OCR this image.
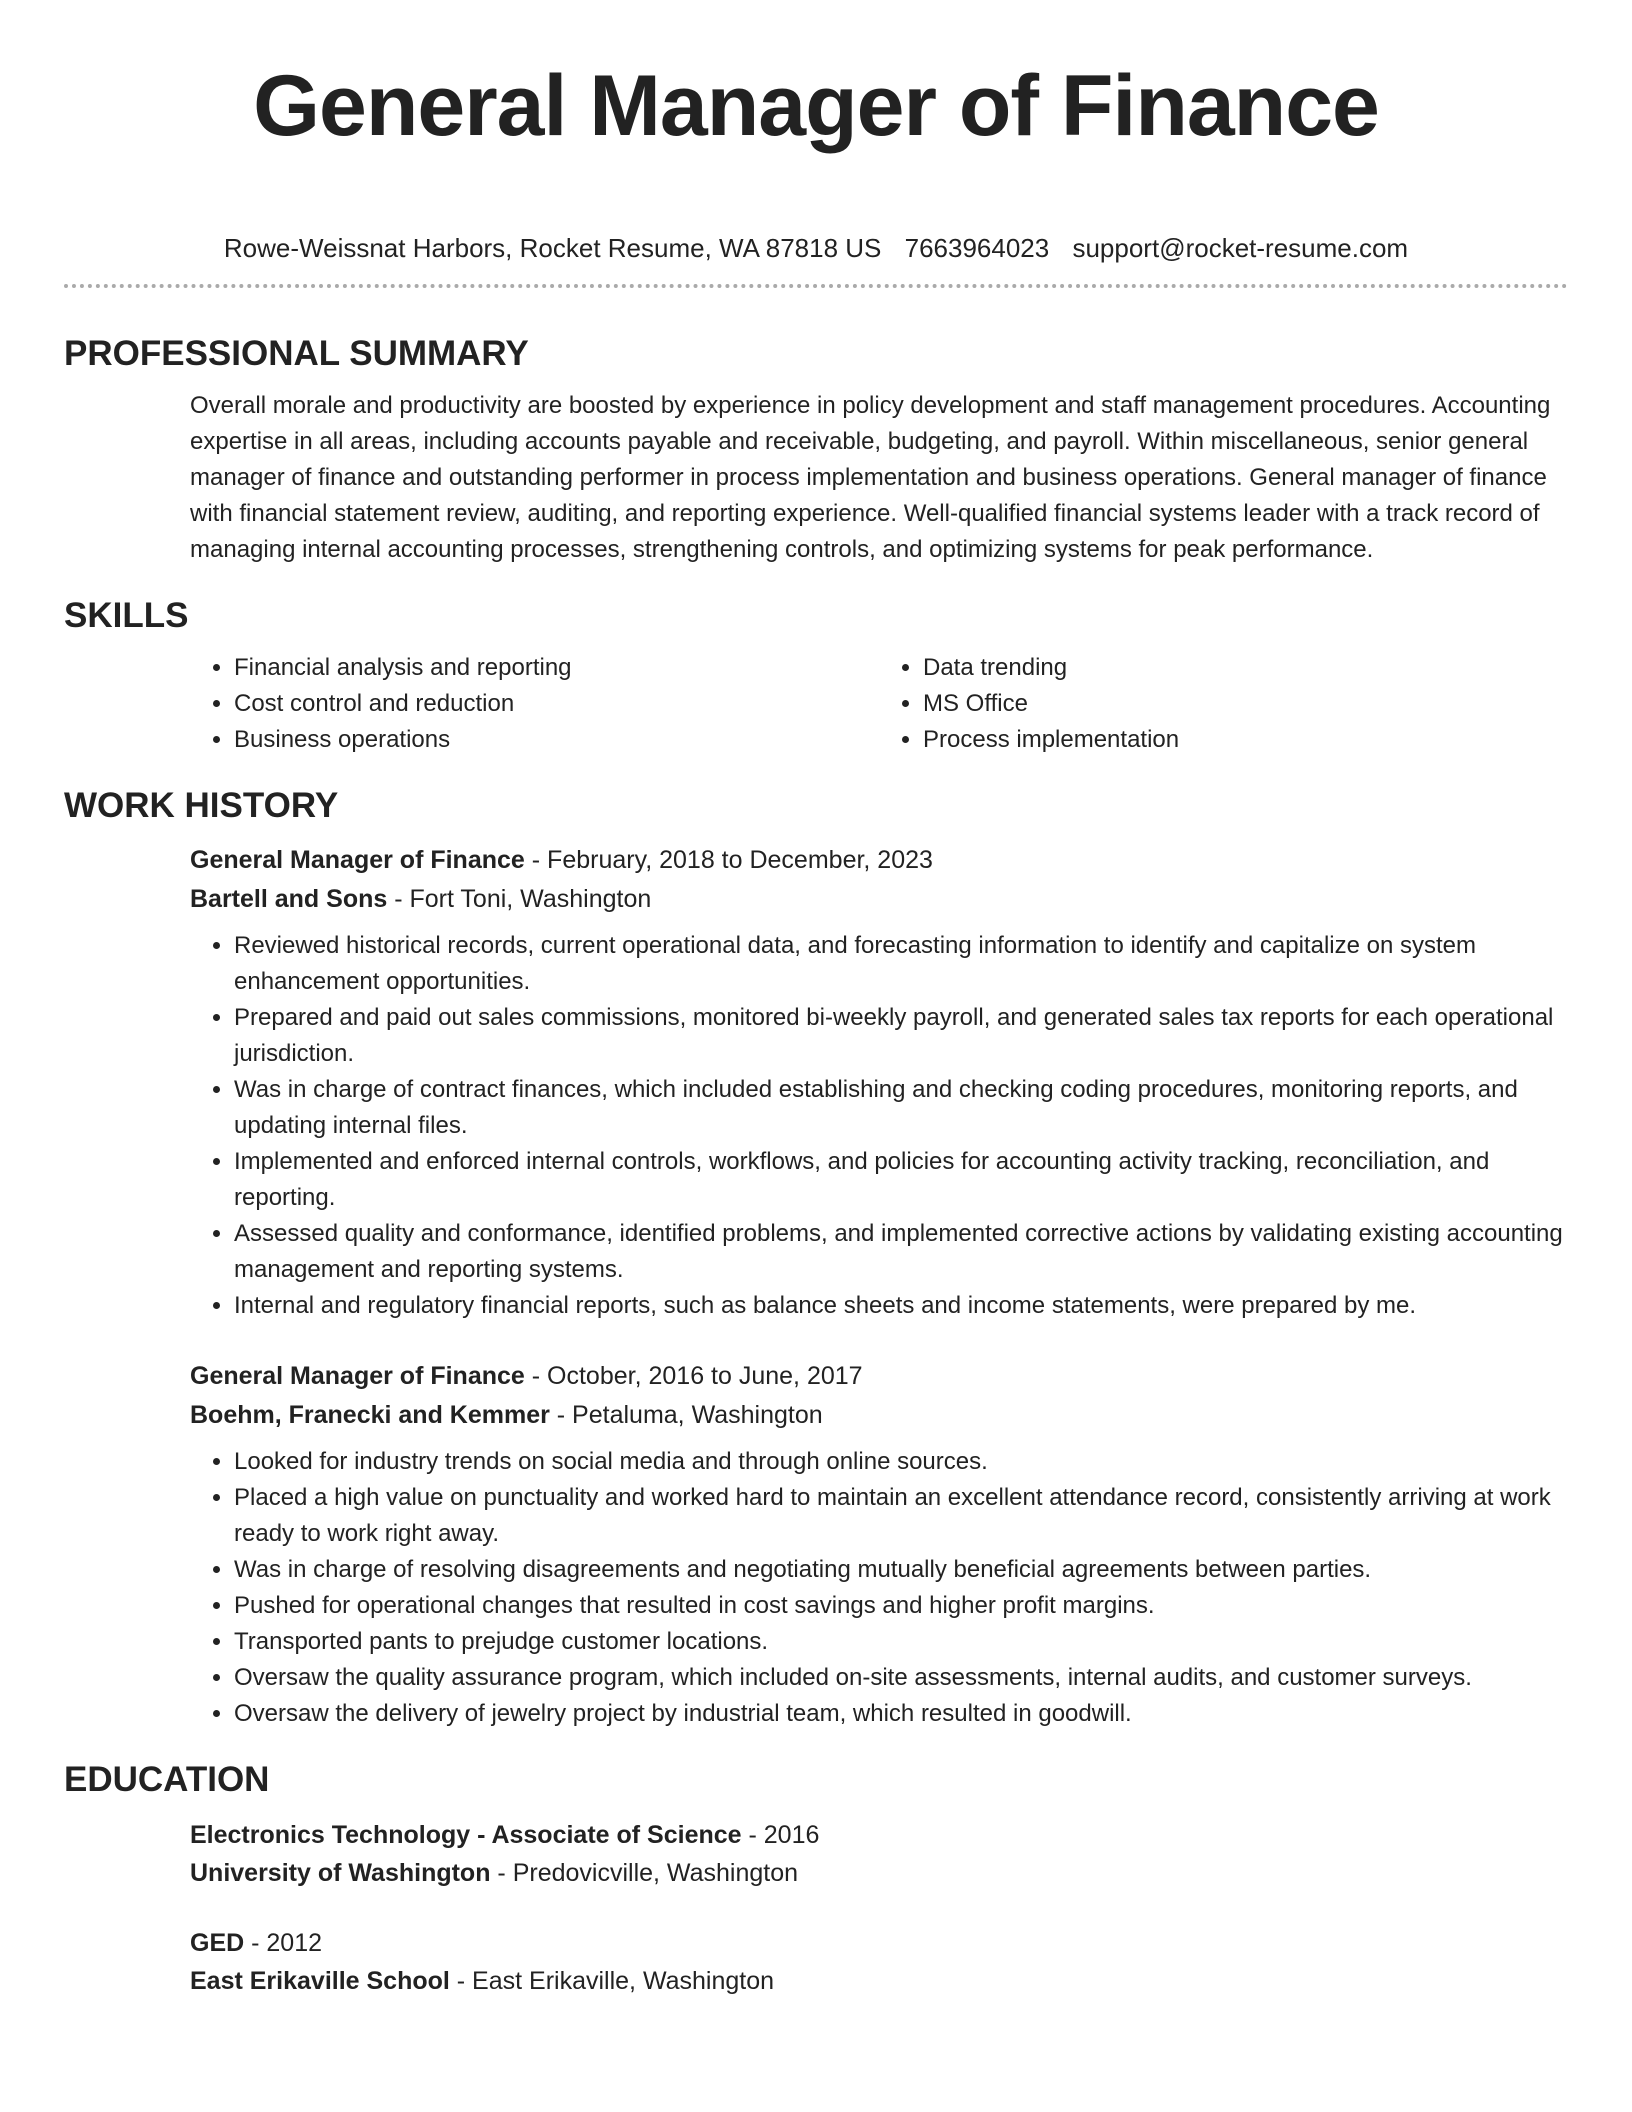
General Manager of Finance
Rowe-Weissnat Harbors, Rocket Resume, WA 87818 US 7663964023 support@rocket-resume.com
PROFESSIONAL SUMMARY

Overall morale and productivity are boosted by experience in policy development and staff management procedures. Accounting expertise in all areas, including accounts payable and receivable, budgeting, and payroll. Within miscellaneous, senior general manager of finance and outstanding performer in process implementation and business operations. General manager of finance with financial statement review, auditing, and reporting experience. Well-qualified financial systems leader with a track record of managing internal accounting processes, strengthening controls, and optimizing systems for peak performance.

SKILLS
• Financial analysis and reporting
• Cost control and reduction
• Business operations
• Data trending
• MS Office
• Process implementation
WORK HISTORY
General Manager of Finance - February, 2018 to December, 2023
Bartell and Sons - Fort Toni, Washington
• Reviewed historical records, current operational data, and forecasting information to identify and capitalize on system enhancement opportunities.
• Prepared and paid out sales commissions, monitored bi-weekly payroll, and generated sales tax reports for each operational jurisdiction.
• Was in charge of contract finances, which included establishing and checking coding procedures, monitoring reports, and updating internal files.
• Implemented and enforced internal controls, workflows, and policies for accounting activity tracking, reconciliation, and reporting.
• Assessed quality and conformance, identified problems, and implemented corrective actions by validating existing accounting management and reporting systems.
• Internal and regulatory financial reports, such as balance sheets and income statements, were prepared by me.
General Manager of Finance - October, 2016 to June, 2017
Boehm, Franecki and Kemmer - Petaluma, Washington
• Looked for industry trends on social media and through online sources.
• Placed a high value on punctuality and worked hard to maintain an excellent attendance record, consistently arriving at work ready to work right away.
• Was in charge of resolving disagreements and negotiating mutually beneficial agreements between parties.
• Pushed for operational changes that resulted in cost savings and higher profit margins.
• Transported pants to prejudge customer locations.
• Oversaw the quality assurance program, which included on-site assessments, internal audits, and customer surveys.
• Oversaw the delivery of jewelry project by industrial team, which resulted in goodwill.
EDUCATION
Electronics Technology - Associate of Science - 2016
University of Washington - Predovicville, Washington
GED - 2012
East Erikaville School - East Erikaville, Washington
